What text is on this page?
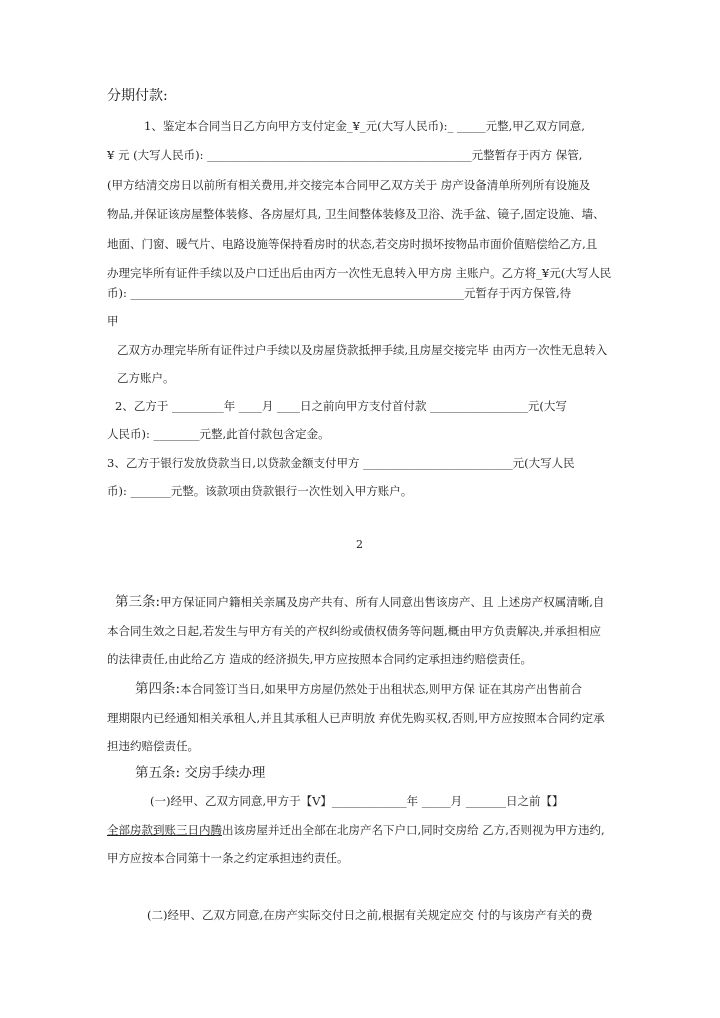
分期付款:
1、鉴定本合同当日乙方向甲方支付定金_¥_元(大写人民币):_ _____元整,甲乙双方同意,
¥ 元 (大写人民币): ______________________________________________元整暂存于丙方 保管,
(甲方结清交房日以前所有相关费用,并交接完本合同甲乙双方关于 房产设备清单所列所有设施及
物品,并保证该房屋整体装修、各房屋灯具, 卫生间整体装修及卫浴、洗手盆、镜子,固定设施、墙、
地面、门窗、暖气片、电路设施等保持看房时的状态,若交房时损坏按物品市面价值赔偿给乙方,且
办理完毕所有证件手续以及户口迁出后由丙方一次性无息转入甲方房 主账户。乙方将_¥元(大写人民
币): __________________________________________________________元暂存于丙方保管,待
甲
乙双方办理完毕所有证件过户手续以及房屋贷款抵押手续,且房屋交接完毕 由丙方一次性无息转入
乙方账户。
2、乙方于 _________年 ____月 ____日之前向甲方支付首付款 _________________元(大写
人民币): ________元整,此首付款包含定金。
3、乙方于银行发放贷款当日,以贷款金额支付甲方 __________________________元(大写人民
币): _______元整。该款项由贷款银行一次性划入甲方账户。
2
第三条:甲方保证同户籍相关亲属及房产共有、所有人同意出售该房产、且 上述房产权属清晰,自
本合同生效之日起,若发生与甲方有关的产权纠纷或债权债务等问题,概由甲方负责解决,并承担相应
的法律责任,由此给乙方 造成的经济损失,甲方应按照本合同约定承担违约赔偿责任。
第四条:本合同签订当日,如果甲方房屋仍然处于出租状态,则甲方保 证在其房产出售前合
理期限内已经通知相关承租人,并且其承租人已声明放 弃优先购买权,否则,甲方应按照本合同约定承
担违约赔偿责任。
第五条: 交房手续办理
(一)经甲、乙双方同意,甲方于【V】_____________年 _____月 _______日之前【】
全部房款到账三日内腾出该房屋并迁出全部在北房产名下户口,同时交房给 乙方,否则视为甲方违约,
甲方应按本合同第十一条之约定承担违约责任。
(二)经甲、乙双方同意,在房产实际交付日之前,根据有关规定应交 付的与该房产有关的费
